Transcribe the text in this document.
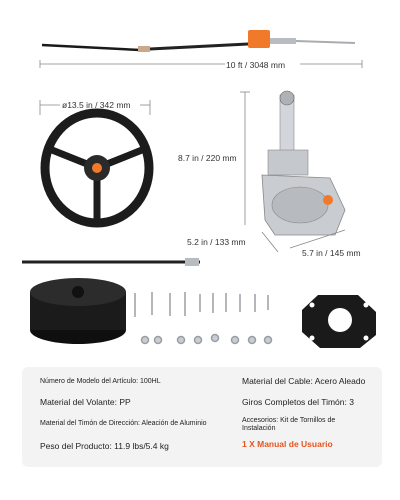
10 ft / 3048 mm
ø13.5 in / 342 mm
8.7 in / 220 mm
5.2 in / 133 mm
5.7 in / 145 mm
Número de Modelo del Artículo: 100HL
Material del Volante: PP
Material del Timón de Dirección: Aleación de Aluminio
Peso del Producto: 11.9 lbs/5.4 kg
Material del Cable: Acero Aleado
Giros Completos del Timón: 3
Accesorios: Kit de Tornillos de
Instalación
1 X Manual de Usuario
